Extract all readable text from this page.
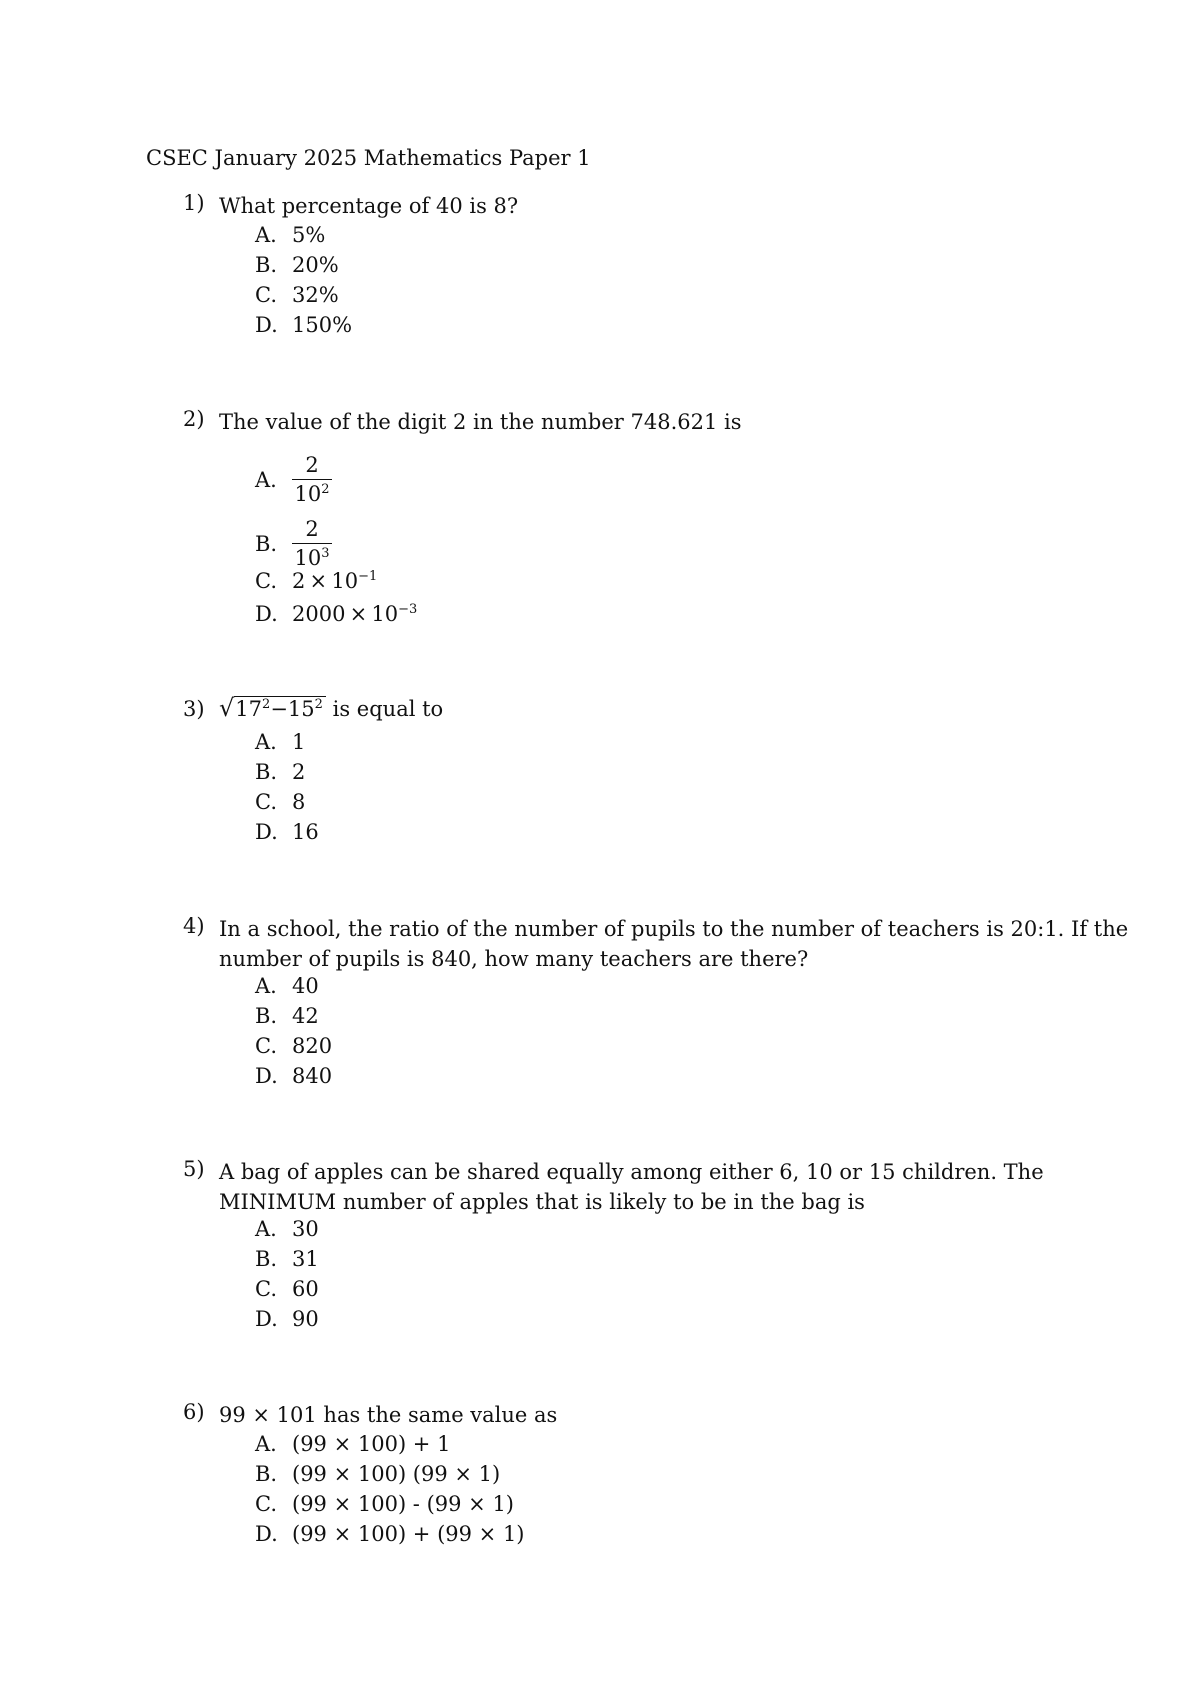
CSEC January 2025 Mathematics Paper 1
1) What percentage of 40 is 8?
A. 5%
B. 20%
C. 32%
D. 150%
2) The value of the digit 2 in the number 748.621 is
A. $\frac{2}{10^2}$
B. $\frac{2}{10^3}$
C. $2 \times 10^{-1}$
D. $2000 \times 10^{-3}$
3) $√17^2-15^2$ is equal to
A. 1
B. 2
C. 8
D. 16
4) In a school, the ratio of the number of pupils to the number of teachers is 20:1. If the
number of pupils is 840, how many teachers are there?
A. 40
B. 42
C. 820
D. 840
5) A bag of apples can be shared equally among either 6, 10 or 15 children. The
MINIMUM number of apples that is likely to be in the bag is
A. 30
B. 31
C. 60
D. 90
6) 99 × 101 has the same value as
A. (99 × 100) + 1
B. (99 × 100) (99 × 1)
C. (99 × 100) - (99 × 1)
D. (99 × 100) + (99 × 1)
